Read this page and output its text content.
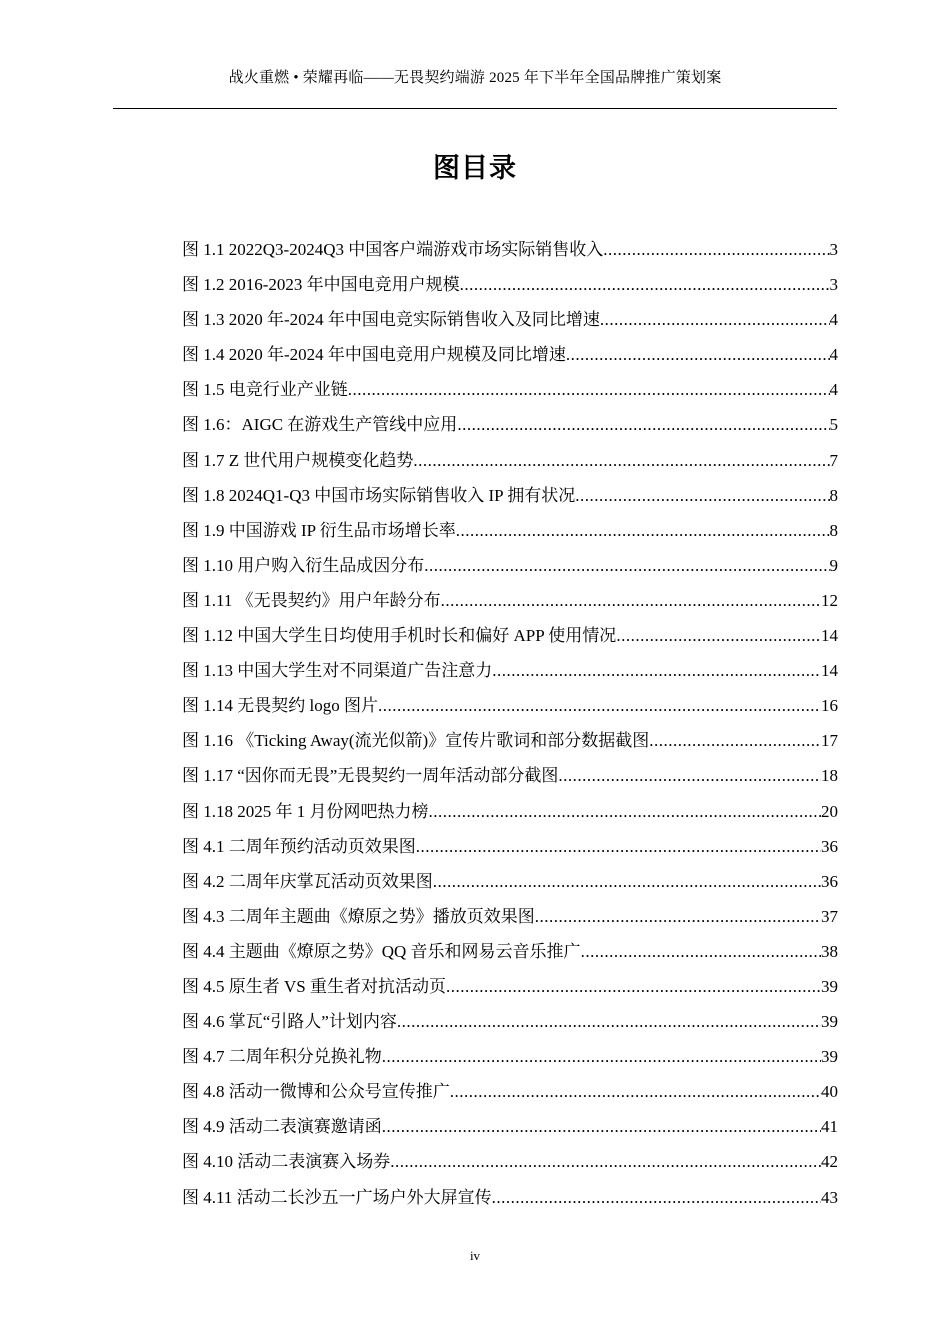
战火重燃 • 荣耀再临——无畏契约端游 2025 年下半年全国品牌推广策划案
图目录
图 1.1 2022Q3-2024Q3 中国客户端游戏市场实际销售收入 .....	3
图 1.2 2016-2023 年中国电竞用户规模 .....	3
图 1.3 2020 年-2024 年中国电竞实际销售收入及同比增速 .....	4
图 1.4 2020 年-2024 年中国电竞用户规模及同比增速 .....	4
图 1.5 电竞行业产业链 .....	4
图 1.6：AIGC 在游戏生产管线中应用 .....	5
图 1.7 Z 世代用户规模变化趋势 .....	7
图 1.8 2024Q1-Q3 中国市场实际销售收入 IP 拥有状况 .....	8
图 1.9 中国游戏 IP 衍生品市场增长率 .....	8
图 1.10 用户购入衍生品成因分布 .....	9
图 1.11 《无畏契约》用户年龄分布 .....	12
图 1.12 中国大学生日均使用手机时长和偏好 APP 使用情况 .....	14
图 1.13 中国大学生对不同渠道广告注意力 .....	14
图 1.14 无畏契约 logo 图片 .....	16
图 1.16 《Ticking Away(流光似箭)》宣传片歌词和部分数据截图 .....	17
图 1.17 “因你而无畏”无畏契约一周年活动部分截图 .....	18
图 1.18 2025 年 1 月份网吧热力榜 .....	20
图 4.1 二周年预约活动页效果图 .....	36
图 4.2 二周年庆掌瓦活动页效果图 .....	36
图 4.3 二周年主题曲《燎原之势》播放页效果图 .....	37
图 4.4 主题曲《燎原之势》QQ 音乐和网易云音乐推广 .....	38
图 4.5 原生者 VS 重生者对抗活动页 .....	39
图 4.6 掌瓦“引路人”计划内容 .....	39
图 4.7 二周年积分兑换礼物 .....	39
图 4.8 活动一微博和公众号宣传推广 .....	40
图 4.9 活动二表演赛邀请函 .....	41
图 4.10 活动二表演赛入场券 .....	42
图 4.11 活动二长沙五一广场户外大屏宣传 .....	43
iv
